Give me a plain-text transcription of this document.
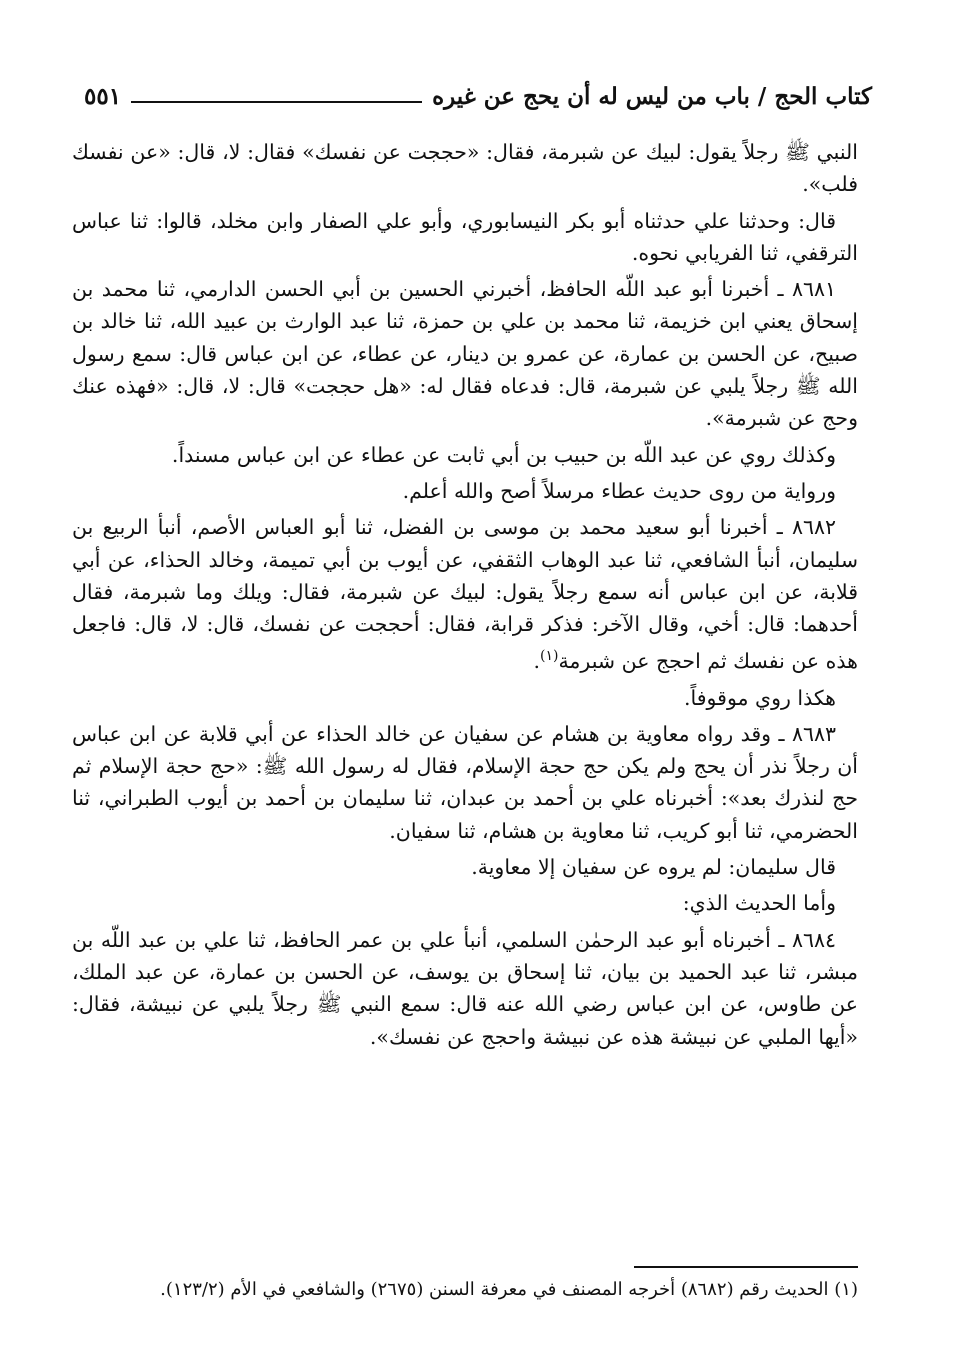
كتاب الحج / باب من ليس له أن يحج عن غيره
٥٥١

النبي ﷺ رجلاً يقول: لبيك عن شبرمة، فقال: «حججت عن نفسك» فقال: لا، قال: «عن نفسك فلب».

قال: وحدثنا علي حدثناه أبو بكر النيسابوري، وأبو علي الصفار وابن مخلد، قالوا: ثنا عباس الترقفي، ثنا الفريابي نحوه.

٨٦٨١ ـ أخبرنا أبو عبد اللّه الحافظ، أخبرني الحسين بن أبي الحسن الدارمي، ثنا محمد بن إسحاق يعني ابن خزيمة، ثنا محمد بن علي بن حمزة، ثنا عبد الوارث بن عبيد الله، ثنا خالد بن صبيح، عن الحسن بن عمارة، عن عمرو بن دينار، عن عطاء، عن ابن عباس قال: سمع رسول الله ﷺ رجلاً يلبي عن شبرمة، قال: فدعاه فقال له: «هل حججت» قال: لا، قال: «فهذه عنك وحج عن شبرمة».

وكذلك روي عن عبد اللّه بن حبيب بن أبي ثابت عن عطاء عن ابن عباس مسنداً.

ورواية من روى حديث عطاء مرسلاً أصح والله أعلم.

٨٦٨٢ ـ أخبرنا أبو سعيد محمد بن موسى بن الفضل، ثنا أبو العباس الأصم، أنبأ الربيع بن سليمان، أنبأ الشافعي، ثنا عبد الوهاب الثقفي، عن أيوب بن أبي تميمة، وخالد الحذاء، عن أبي قلابة، عن ابن عباس أنه سمع رجلاً يقول: لبيك عن شبرمة، فقال: ويلك وما شبرمة، فقال أحدهما: قال: أخي، وقال الآخر: فذكر قرابة، فقال: أحججت عن نفسك، قال: لا، قال: فاجعل هذه عن نفسك ثم احجج عن شبرمة$^{(١)}$.

هكذا روي موقوفاً.

٨٦٨٣ ـ وقد رواه معاوية بن هشام عن سفيان عن خالد الحذاء عن أبي قلابة عن ابن عباس أن رجلاً نذر أن يحج ولم يكن حج حجة الإسلام، فقال له رسول الله ﷺ: «حج حجة الإسلام ثم حج لنذرك بعد»: أخبرناه علي بن أحمد بن عبدان، ثنا سليمان بن أحمد بن أيوب الطبراني، ثنا الحضرمي، ثنا أبو كريب، ثنا معاوية بن هشام، ثنا سفيان.

قال سليمان: لم يروه عن سفيان إلا معاوية.

وأما الحديث الذي:

٨٦٨٤ ـ أخبرناه أبو عبد الرحمٰن السلمي، أنبأ علي بن عمر الحافظ، ثنا علي بن عبد اللّه بن مبشر، ثنا عبد الحميد بن بيان، ثنا إسحاق بن يوسف، عن الحسن بن عمارة، عن عبد الملك، عن طاوس، عن ابن عباس رضي الله عنه قال: سمع النبي ﷺ رجلاً يلبي عن نبيشة، فقال: «أيها الملبي عن نبيشة هذه عن نبيشة واحجج عن نفسك».

(١) الحديث رقم (٨٦٨٢) أخرجه المصنف في معرفة السنن (٢٦٧٥) والشافعي في الأم (١٢٣/٢).
